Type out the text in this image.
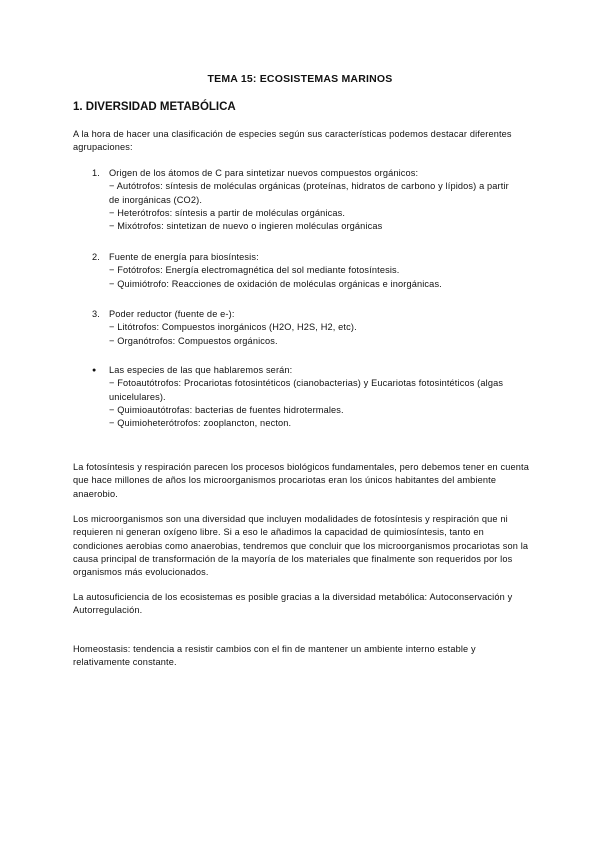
TEMA 15: ECOSISTEMAS MARINOS
1. DIVERSIDAD METABÓLICA
A la hora de hacer una clasificación de especies según sus características podemos destacar diferentes agrupaciones:
1. Origen de los átomos de C para sintetizar nuevos compuestos orgánicos:
− Autótrofos: síntesis de moléculas orgánicas (proteínas, hidratos de carbono y lípidos) a partir de inorgánicas (CO2).
− Heterótrofos: síntesis a partir de moléculas orgánicas.
− Mixótrofos: sintetizan de nuevo o ingieren moléculas orgánicas
2. Fuente de energía para biosíntesis:
− Fotótrofos: Energía electromagnética del sol mediante fotosíntesis.
− Quimiótrofo: Reacciones de oxidación de moléculas orgánicas e inorgánicas.
3. Poder reductor (fuente de e-):
− Litótrofos: Compuestos inorgánicos (H2O, H2S, H2, etc).
− Organótrofos: Compuestos orgánicos.
●	Las especies de las que hablaremos serán:
− Fotoautótrofos: Procariotas fotosintéticos (cianobacterias) y Eucariotas fotosintéticos (algas unicelulares).
− Quimioautótrofas: bacterias de fuentes hidrotermales.
− Quimioheterótrofos: zooplancton, necton.
La fotosíntesis y respiración parecen los procesos biológicos fundamentales, pero debemos tener en cuenta que hace millones de años los microorganismos procariotas eran los únicos habitantes del ambiente anaerobio.
Los microorganismos son una diversidad que incluyen modalidades de fotosíntesis y respiración que ni requieren ni generan oxígeno libre. Si a eso le añadimos la capacidad de quimiosíntesis, tanto en condiciones aerobias como anaerobias, tendremos que concluir que los microorganismos procariotas son la causa principal de transformación de la mayoría de los materiales que finalmente son requeridos por los organismos más evolucionados.
La autosuficiencia de los ecosistemas es posible gracias a la diversidad metabólica: Autoconservación y Autorregulación.
Homeostasis: tendencia a resistir cambios con el fin de mantener un ambiente interno estable y relativamente constante.
